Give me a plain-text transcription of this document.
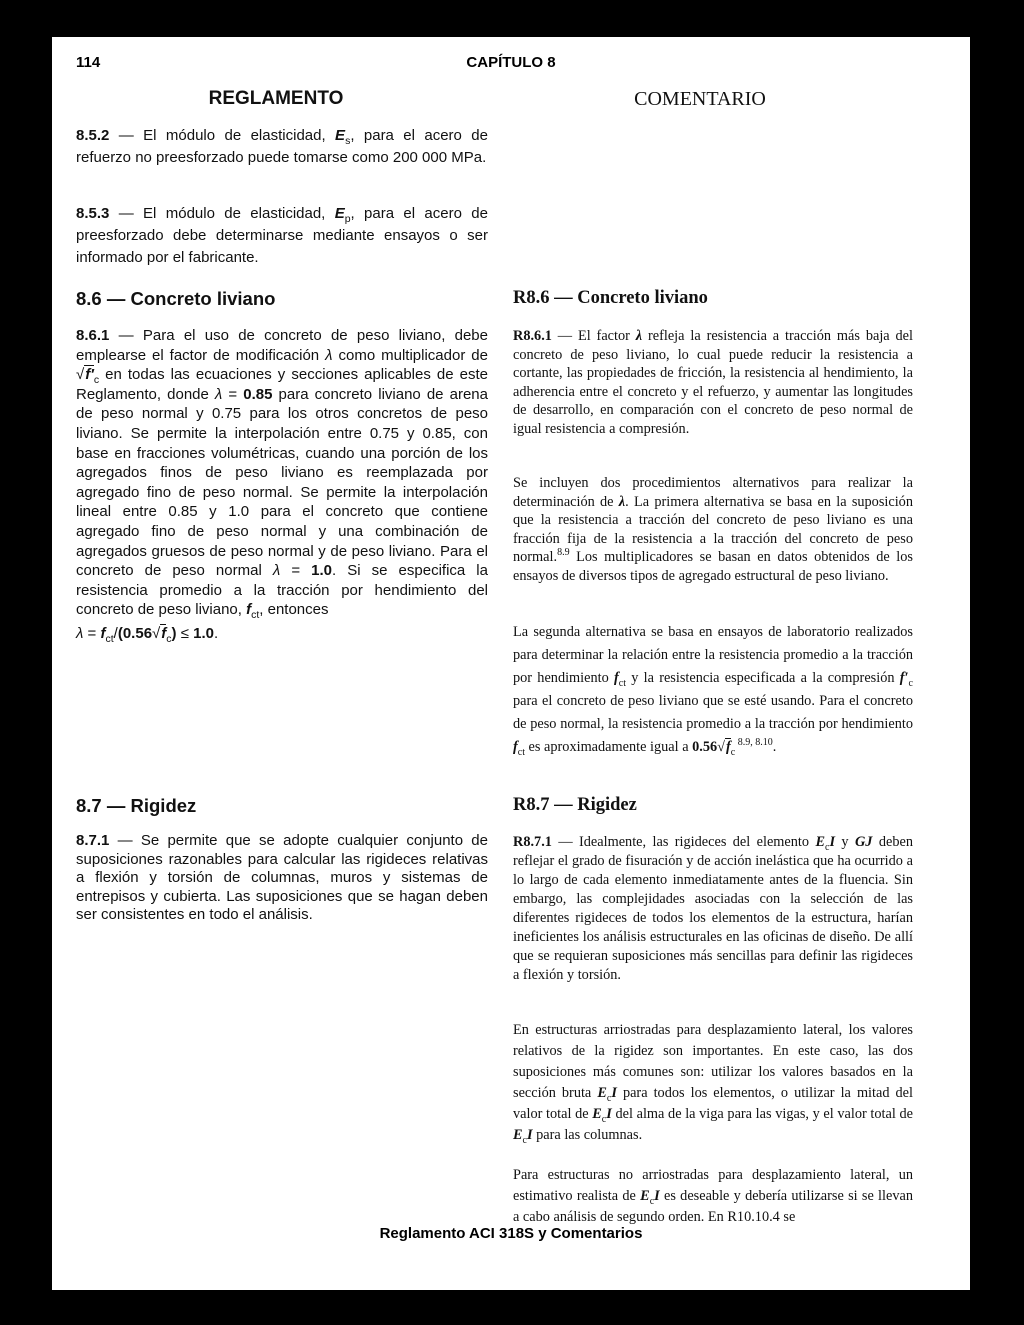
114	CAPÍTULO 8
REGLAMENTO	COMENTARIO
8.5.2 — El módulo de elasticidad, $E_s$, para el acero de refuerzo no preesforzado puede tomarse como 200 000 MPa.
8.5.3 — El módulo de elasticidad, $E_p$, para el acero de preesforzado debe determinarse mediante ensayos o ser informado por el fabricante.
8.6 — Concreto liviano
8.6.1 — Para el uso de concreto de peso liviano, debe emplearse el factor de modificación λ como multiplicador de $√f'_c$ en todas las ecuaciones y secciones aplicables de este Reglamento, donde λ = 0.85 para concreto liviano de arena de peso normal y 0.75 para los otros concretos de peso liviano. Se permite la interpolación entre 0.75 y 0.85, con base en fracciones volumétricas, cuando una porción de los agregados finos de peso liviano es reemplazada por agregado fino de peso normal. Se permite la interpolación lineal entre 0.85 y 1.0 para el concreto que contiene agregado fino de peso normal y una combinación de agregados gruesos de peso normal y de peso liviano. Para el concreto de peso normal λ = 1.0. Si se especifica la resistencia promedio a la tracción por hendimiento del concreto de peso liviano, $f_{ct}$, entonces
$\lambda = f_{ct}/(0.56√f_c) \le 1.0$.
8.7 — Rigidez
8.7.1 — Se permite que se adopte cualquier conjunto de suposiciones razonables para calcular las rigideces relativas a flexión y torsión de columnas, muros y sistemas de entrepisos y cubierta. Las suposiciones que se hagan deben ser consistentes en todo el análisis.
R8.6 — Concreto liviano
R8.6.1 — El factor λ refleja la resistencia a tracción más baja del concreto de peso liviano, lo cual puede reducir la resistencia a cortante, las propiedades de fricción, la resistencia al hendimiento, la adherencia entre el concreto y el refuerzo, y aumentar las longitudes de desarrollo, en comparación con el concreto de peso normal de igual resistencia a compresión.
Se incluyen dos procedimientos alternativos para realizar la determinación de λ. La primera alternativa se basa en la suposición que la resistencia a tracción del concreto de peso liviano es una fracción fija de la resistencia a la tracción del concreto de peso normal.$^{8.9}$ Los multiplicadores se basan en datos obtenidos de los ensayos de diversos tipos de agregado estructural de peso liviano.
La segunda alternativa se basa en ensayos de laboratorio realizados para determinar la relación entre la resistencia promedio a la tracción por hendimiento $f_{ct}$ y la resistencia especificada a la compresión $f'_c$ para el concreto de peso liviano que se esté usando. Para el concreto de peso normal, la resistencia promedio a la tracción por hendimiento $f_{ct}$ es aproximadamente igual a $0.56√f_c$ $^{8.9, 8.10}$.
R8.7 — Rigidez
R8.7.1 — Idealmente, las rigideces del elemento $E_cI$ y GJ deben reflejar el grado de fisuración y de acción inelástica que ha ocurrido a lo largo de cada elemento inmediatamente antes de la fluencia. Sin embargo, las complejidades asociadas con la selección de las diferentes rigideces de todos los elementos de la estructura, harían ineficientes los análisis estructurales en las oficinas de diseño. De allí que se requieran suposiciones más sencillas para definir las rigideces a flexión y torsión.
En estructuras arriostradas para desplazamiento lateral, los valores relativos de la rigidez son importantes. En este caso, las dos suposiciones más comunes son: utilizar los valores basados en la sección bruta $E_cI$ para todos los elementos, o utilizar la mitad del valor total de $E_cI$ del alma de la viga para las vigas, y el valor total de $E_cI$ para las columnas.
Para estructuras no arriostradas para desplazamiento lateral, un estimativo realista de $E_cI$ es deseable y debería utilizarse si se llevan a cabo análisis de segundo orden. En R10.10.4 se
Reglamento ACI 318S y Comentarios
